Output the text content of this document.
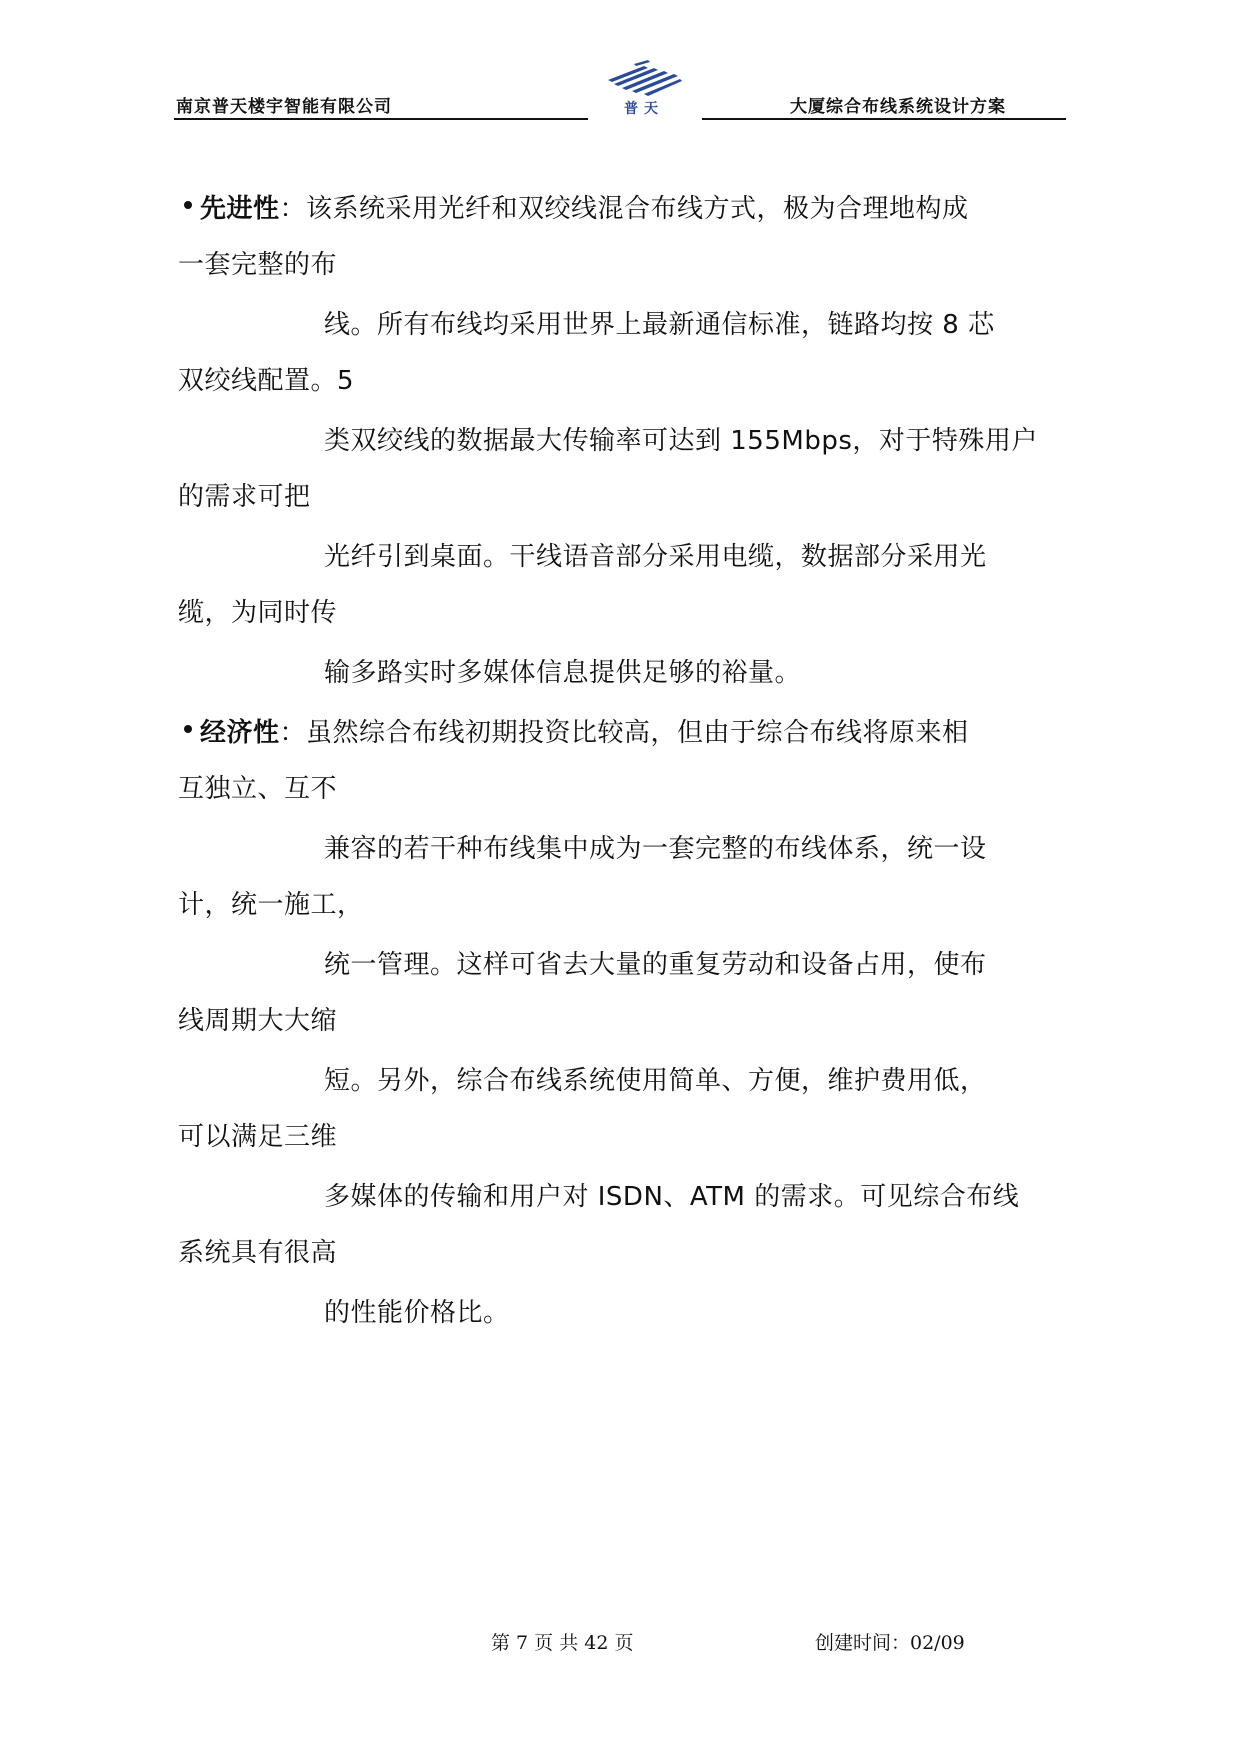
南京普天楼宇智能有限公司	普天	大厦综合布线系统设计方案
先进性：该系统采用光纤和双绞线混合布线方式，极为合理地构成
一套完整的布
线。所有布线均采用世界上最新通信标准，链路均按 8 芯
双绞线配置。5
类双绞线的数据最大传输率可达到 155Mbps，对于特殊用户
的需求可把
光纤引到桌面。干线语音部分采用电缆，数据部分采用光
缆，为同时传
输多路实时多媒体信息提供足够的裕量。
经济性：虽然综合布线初期投资比较高，但由于综合布线将原来相
互独立、互不
兼容的若干种布线集中成为一套完整的布线体系，统一设
计，统一施工，
统一管理。这样可省去大量的重复劳动和设备占用，使布
线周期大大缩
短。另外，综合布线系统使用简单、方便，维护费用低，
可以满足三维
多媒体的传输和用户对 ISDN、ATM 的需求。可见综合布线
系统具有很高
的性能价格比。
第 7 页 共 42 页	创建时间：02/09
